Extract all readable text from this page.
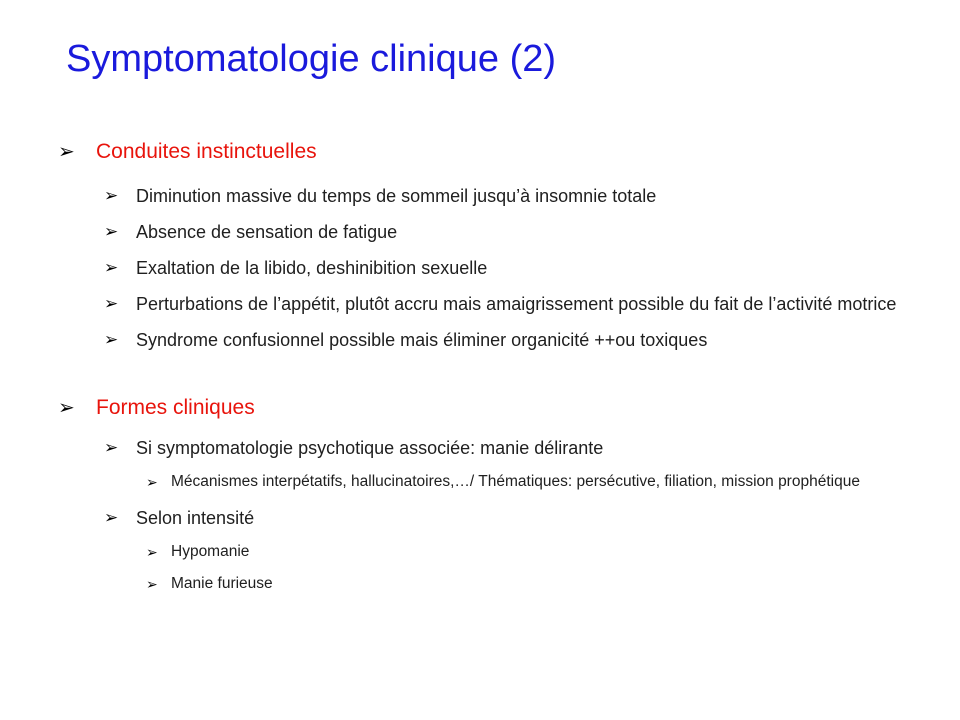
Symptomatologie clinique (2)
➢	Conduites instinctuelles
➢ Diminution massive du temps de sommeil jusqu’à insomnie totale
➢ Absence de sensation de fatigue
➢ Exaltation de la libido, deshinibition sexuelle
➢ Perturbations de l’appétit, plutôt accru mais amaigrissement possible du fait de l’activité motrice
➢ Syndrome confusionnel possible mais éliminer organicité ++ou toxiques
➢	Formes cliniques
➢ Si symptomatologie psychotique associée: manie délirante
➢ Mécanismes interpétatifs, hallucinatoires,…/ Thématiques: persécutive, filiation, mission prophétique
➢ Selon intensité
➢ Hypomanie
➢ Manie furieuse
